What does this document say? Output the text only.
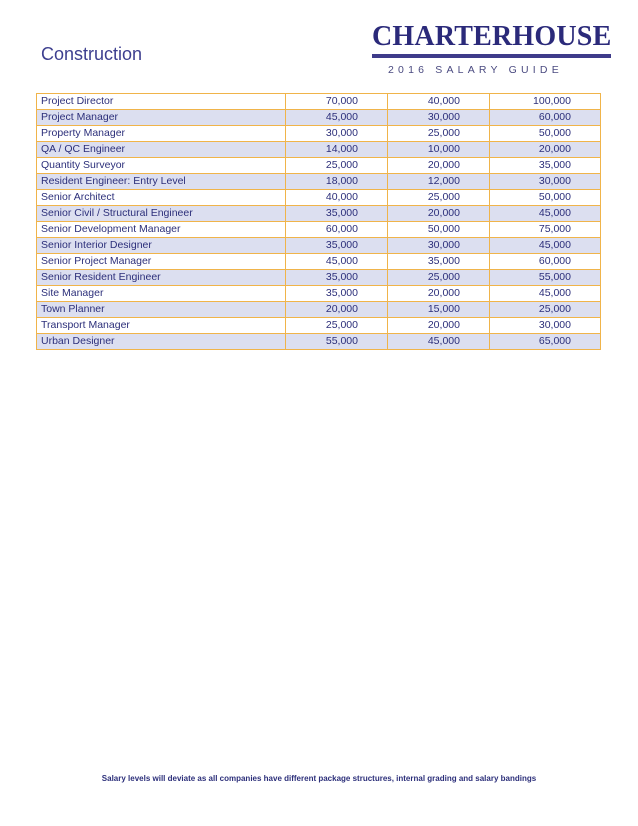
Construction
CHARTERHOUSE
2016 SALARY GUIDE
Project Director	70,000	40,000	100,000
Project Manager	45,000	30,000	60,000
Property Manager	30,000	25,000	50,000
QA / QC Engineer	14,000	10,000	20,000
Quantity Surveyor	25,000	20,000	35,000
Resident Engineer: Entry Level	18,000	12,000	30,000
Senior Architect	40,000	25,000	50,000
Senior Civil / Structural Engineer	35,000	20,000	45,000
Senior Development Manager	60,000	50,000	75,000
Senior Interior Designer	35,000	30,000	45,000
Senior Project Manager	45,000	35,000	60,000
Senior Resident Engineer	35,000	25,000	55,000
Site Manager	35,000	20,000	45,000
Town Planner	20,000	15,000	25,000
Transport Manager	25,000	20,000	30,000
Urban Designer	55,000	45,000	65,000
Salary levels will deviate as all companies have different package structures, internal grading and salary bandings
